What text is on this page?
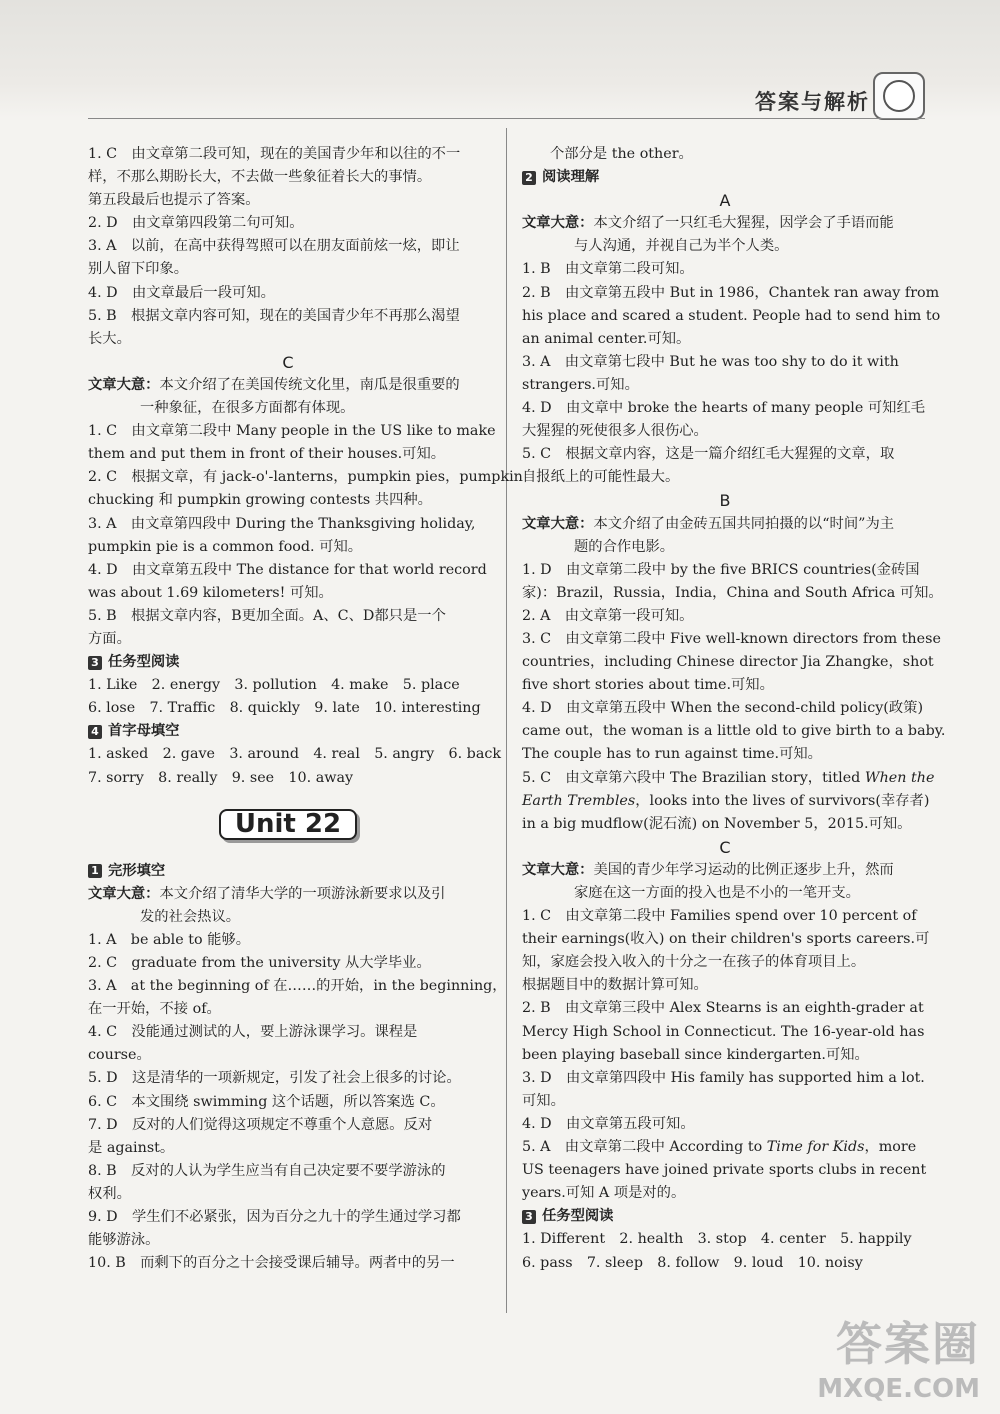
答案与解析
1. C　由文章第二段可知，现在的美国青少年和以往的不一
样，不那么期盼长大，不去做一些象征着长大的事情。
第五段最后也提示了答案。
2. D　由文章第四段第二句可知。
3. A　以前，在高中获得驾照可以在朋友面前炫一炫，即让
别人留下印象。
4. D　由文章最后一段可知。
5. B　根据文章内容可知，现在的美国青少年不再那么渴望
长大。
C
文章大意：本文介绍了在美国传统文化里，南瓜是很重要的
一种象征，在很多方面都有体现。
1. C　由文章第二段中 Many people in the US like to make
them and put them in front of their houses.可知。
2. C　根据文章，有 jack-o'-lanterns，pumpkin pies，pumpkin
chucking 和 pumpkin growing contests 共四种。
3. A　由文章第四段中 During the Thanksgiving holiday,
pumpkin pie is a common food. 可知。
4. D　由文章第五段中 The distance for that world record
was about 1.69 kilometers! 可知。
5. B　根据文章内容，B更加全面。A、C、D都只是一个
方面。
3 任务型阅读
1. Like　2. energy　3. pollution　4. make　5. place
6. lose　7. Traffic　8. quickly　9. late　10. interesting
4 首字母填空
1. asked　2. gave　3. around　4. real　5. angry　6. back
7. sorry　8. really　9. see　10. away
Unit 22
1 完形填空
文章大意：本文介绍了清华大学的一项游泳新要求以及引
发的社会热议。
1. A　be able to 能够。
2. C　graduate from the university 从大学毕业。
3. A　at the beginning of 在……的开始，in the beginning，
在一开始，不接 of。
4. C　没能通过测试的人，要上游泳课学习。课程是
course。
5. D　这是清华的一项新规定，引发了社会上很多的讨论。
6. C　本文围绕 swimming 这个话题，所以答案选 C。
7. D　反对的人们觉得这项规定不尊重个人意愿。反对
是 against。
8. B　反对的人认为学生应当有自己决定要不要学游泳的
权利。
9. D　学生们不必紧张，因为百分之九十的学生通过学习都
能够游泳。
10. B　而剩下的百分之十会接受课后辅导。两者中的另一
个部分是 the other。
2 阅读理解
A
文章大意：本文介绍了一只红毛大猩猩，因学会了手语而能
与人沟通，并视自己为半个人类。
1. B　由文章第二段可知。
2. B　由文章第五段中 But in 1986，Chantek ran away from
his place and scared a student. People had to send him to
an animal center.可知。
3. A　由文章第七段中 But he was too shy to do it with
strangers.可知。
4. D　由文章中 broke the hearts of many people 可知红毛
大猩猩的死使很多人很伤心。
5. C　根据文章内容，这是一篇介绍红毛大猩猩的文章，取
自报纸上的可能性最大。
B
文章大意：本文介绍了由金砖五国共同拍摄的以“时间”为主
题的合作电影。
1. D　由文章第二段中 by the five BRICS countries(金砖国
家)：Brazil，Russia，India，China and South Africa 可知。
2. A　由文章第一段可知。
3. C　由文章第二段中 Five well-known directors from these
countries，including Chinese director Jia Zhangke，shot
five short stories about time.可知。
4. D　由文章第五段中 When the second-child policy(政策)
came out，the woman is a little old to give birth to a baby.
The couple has to run against time.可知。
5. C　由文章第六段中 The Brazilian story，titled When the
Earth Trembles，looks into the lives of survivors(幸存者)
in a big mudflow(泥石流) on November 5，2015.可知。
C
文章大意：美国的青少年学习运动的比例正逐步上升，然而
家庭在这一方面的投入也是不小的一笔开支。
1. C　由文章第二段中 Families spend over 10 percent of
their earnings(收入) on their children's sports careers.可
知，家庭会投入收入的十分之一在孩子的体育项目上。
根据题目中的数据计算可知。
2. B　由文章第三段中 Alex Stearns is an eighth-grader at
Mercy High School in Connecticut. The 16-year-old has
been playing baseball since kindergarten.可知。
3. D　由文章第四段中 His family has supported him a lot.
可知。
4. D　由文章第五段可知。
5. A　由文章第二段中 According to Time for Kids，more
US teenagers have joined private sports clubs in recent
years.可知 A 项是对的。
3 任务型阅读
1. Different　2. health　3. stop　4. center　5. happily
6. pass　7. sleep　8. follow　9. loud　10. noisy
答案圈
MXQE.COM
